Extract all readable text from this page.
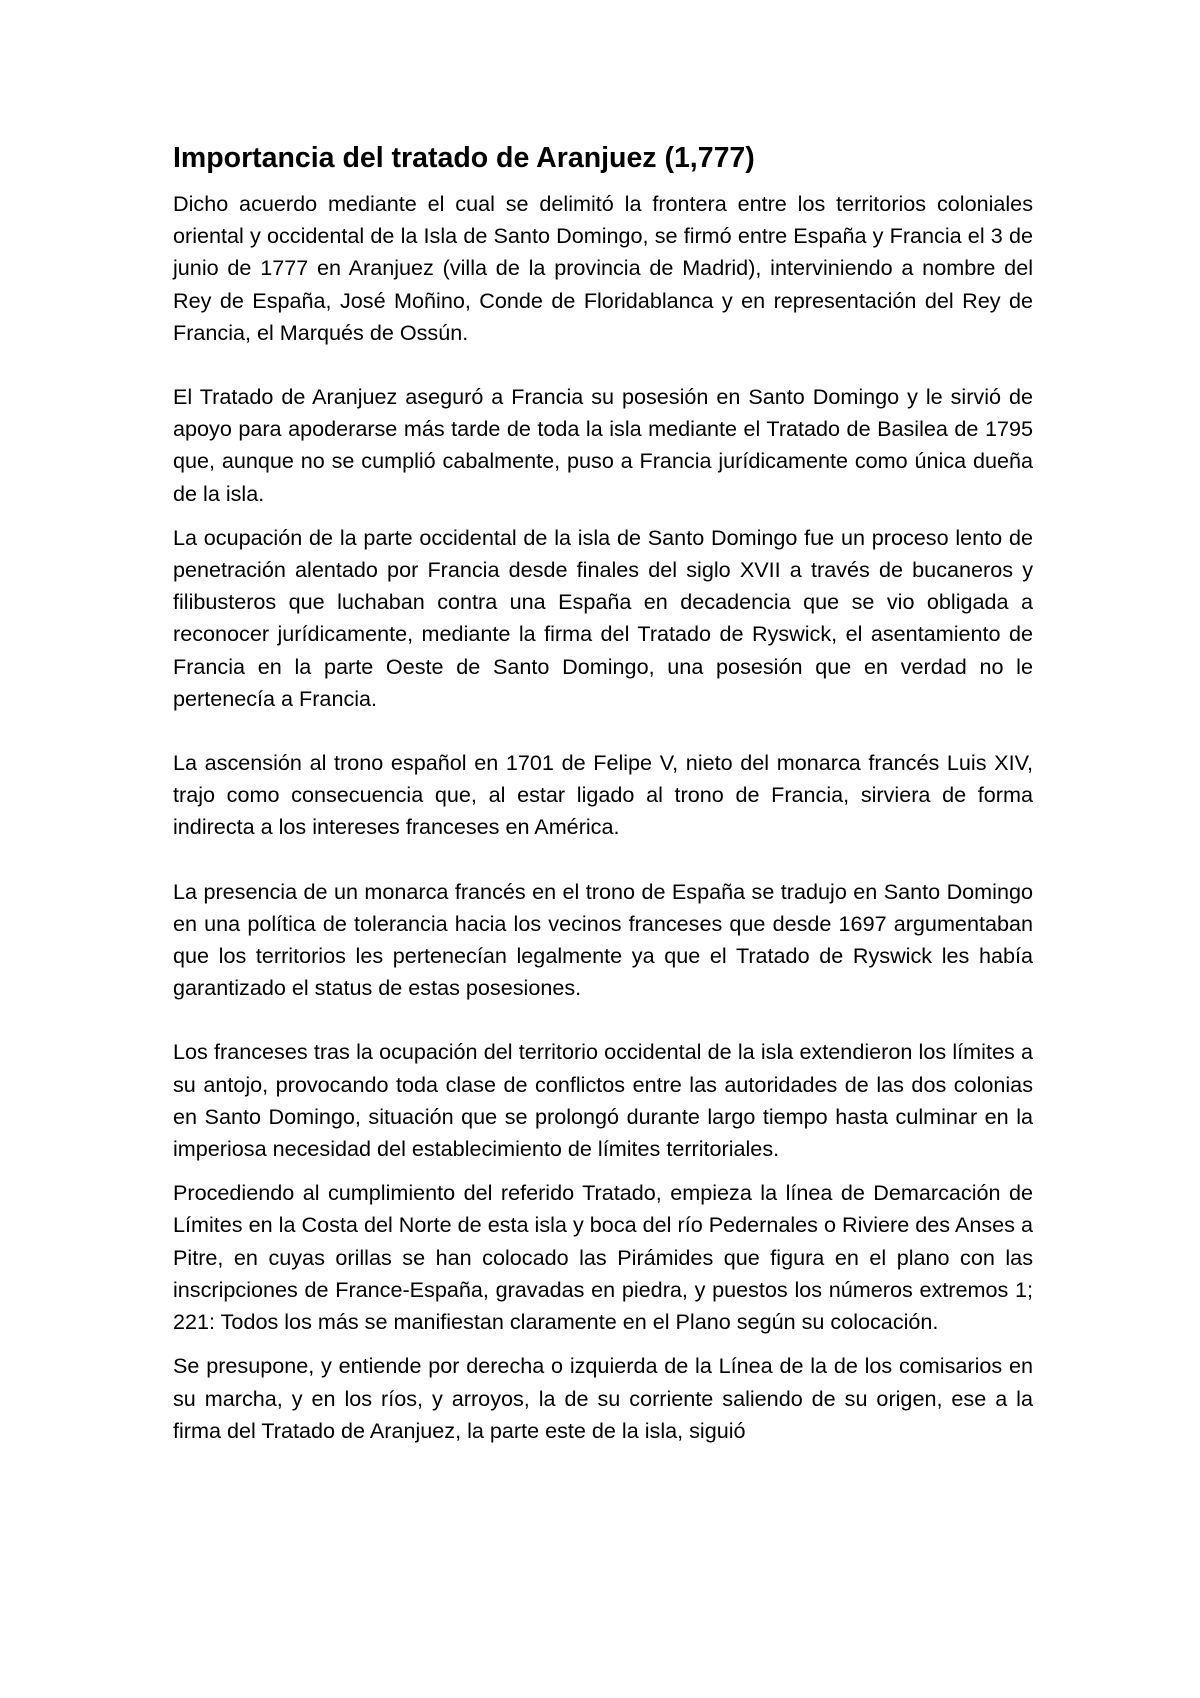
Importancia del tratado de Aranjuez (1,777)

Dicho acuerdo mediante el cual se delimitó la frontera entre los territorios coloniales oriental y occidental de la Isla de Santo Domingo, se firmó entre España y Francia el 3 de junio de 1777 en Aranjuez (villa de la provincia de Madrid), interviniendo a nombre del Rey de España, José Moñino, Conde de Floridablanca y en representación del Rey de Francia, el Marqués de Ossún.

El Tratado de Aranjuez aseguró a Francia su posesión en Santo Domingo y le sirvió de apoyo para apoderarse más tarde de toda la isla mediante el Tratado de Basilea de 1795 que, aunque no se cumplió cabalmente, puso a Francia jurídicamente como única dueña de la isla.

La ocupación de la parte occidental de la isla de Santo Domingo fue un proceso lento de penetración alentado por Francia desde finales del siglo XVII a través de bucaneros y filibusteros que luchaban contra una España en decadencia que se vio obligada a reconocer jurídicamente, mediante la firma del Tratado de Ryswick, el asentamiento de Francia en la parte Oeste de Santo Domingo, una posesión que en verdad no le pertenecía a Francia.

La ascensión al trono español en 1701 de Felipe V, nieto del monarca francés Luis XIV, trajo como consecuencia que, al estar ligado al trono de Francia, sirviera de forma indirecta a los intereses franceses en América.

La presencia de un monarca francés en el trono de España se tradujo en Santo Domingo en una política de tolerancia hacia los vecinos franceses que desde 1697 argumentaban que los territorios les pertenecían legalmente ya que el Tratado de Ryswick les había garantizado el status de estas posesiones.

Los franceses tras la ocupación del territorio occidental de la isla extendieron los límites a su antojo, provocando toda clase de conflictos entre las autoridades de las dos colonias en Santo Domingo, situación que se prolongó durante largo tiempo hasta culminar en la imperiosa necesidad del establecimiento de límites territoriales.

Procediendo al cumplimiento del referido Tratado, empieza la línea de Demarcación de Límites en la Costa del Norte de esta isla y boca del río Pedernales o Riviere des Anses a Pitre, en cuyas orillas se han colocado las Pirámides que figura en el plano con las inscripciones de France-España, gravadas en piedra, y puestos los números extremos 1; 221: Todos los más se manifiestan claramente en el Plano según su colocación.

Se presupone, y entiende por derecha o izquierda de la Línea de la de los comisarios en su marcha, y en los ríos, y arroyos, la de su corriente saliendo de su origen, ese a la firma del Tratado de Aranjuez, la parte este de la isla, siguió
